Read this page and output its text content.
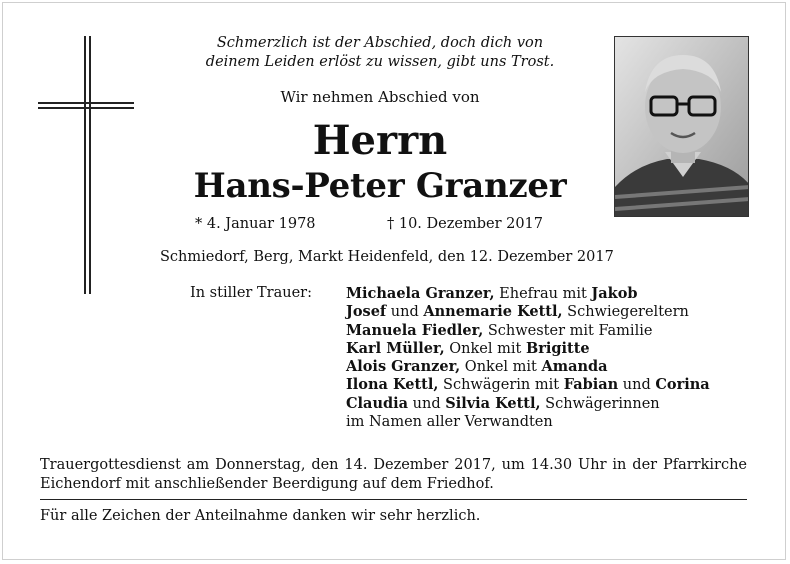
Schmerzlich ist der Abschied, doch dich von
deinem Leiden erlöst zu wissen, gibt uns Trost.
Wir nehmen Abschied von
Herrn
Hans-Peter Granzer
* 4. Januar 1978	† 10. Dezember 2017
Schmiedorf, Berg, Markt Heidenfeld, den 12. Dezember 2017
In stiller Trauer: Michaela Granzer, Ehefrau mit Jakob
Josef und Annemarie Kettl, Schwiegereltern
Manuela Fiedler, Schwester mit Familie
Karl Müller, Onkel mit Brigitte
Alois Granzer, Onkel mit Amanda
Ilona Kettl, Schwägerin mit Fabian und Corina
Claudia und Silvia Kettl, Schwägerinnen
im Namen aller Verwandten
Trauergottesdienst am Donnerstag, den 14. Dezember 2017, um 14.30 Uhr in der Pfarrkirche Eichendorf mit anschließender Beerdigung auf dem Friedhof.
Für alle Zeichen der Anteilnahme danken wir sehr herzlich.
